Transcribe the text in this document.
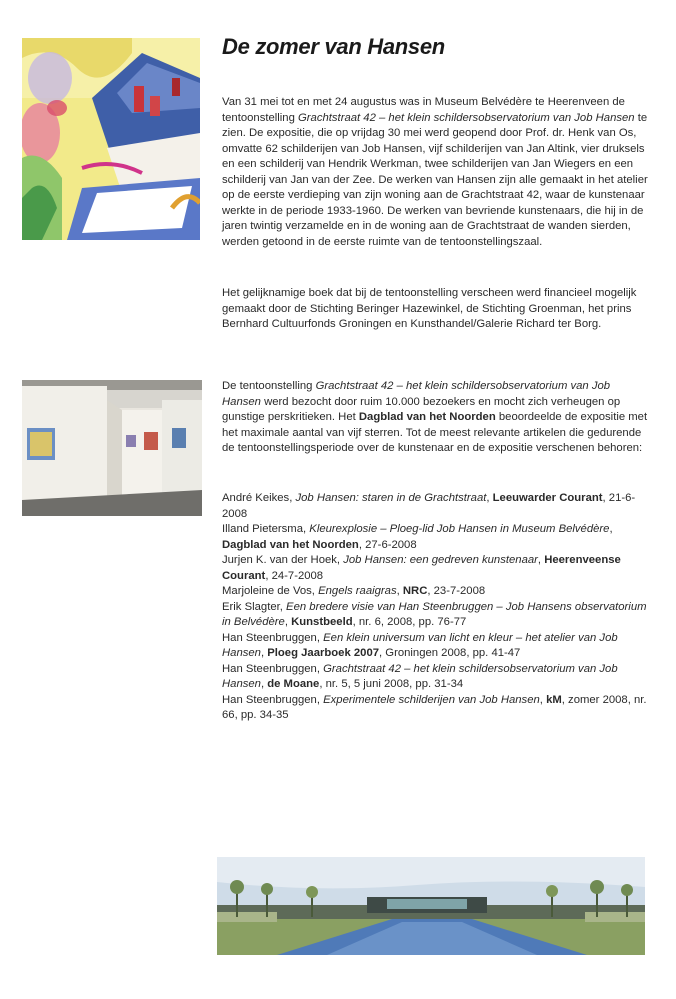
De zomer van Hansen

Van 31 mei tot en met 24 augustus was in Museum Belvédère te Heerenveen de tentoonstelling Grachtstraat 42 – het klein schildersobservatorium van Job Hansen te zien. De expositie, die op vrijdag 30 mei werd geopend door Prof. dr. Henk van Os, omvatte 62 schilderijen van Job Hansen, vijf schilderijen van Jan Altink, vier druksels en een schilderij van Hendrik Werkman, twee schilderijen van Jan Wiegers en een schilderij van Jan van der Zee. De werken van Hansen zijn alle gemaakt in het atelier op de eerste verdieping van zijn woning aan de Grachtstraat 42, waar de kunstenaar werkte in de periode 1933-1960. De werken van bevriende kunstenaars, die hij in de jaren twintig verzamelde en in de woning aan de Grachtstraat de wanden sierden, werden getoond in de eerste ruimte van de tentoonstellingszaal.

Het gelijknamige boek dat bij de tentoonstelling verscheen werd financieel mogelijk gemaakt door de Stichting Beringer Hazewinkel, de Stichting Groenman, het prins Bernhard Cultuurfonds Groningen en Kunsthandel/Galerie Richard ter Borg.

De tentoonstelling Grachtstraat 42 – het klein schildersobservatorium van Job Hansen werd bezocht door ruim 10.000 bezoekers en mocht zich verheugen op gunstige perskritieken. Het Dagblad van het Noorden beoordeelde de expositie met het maximale aantal van vijf sterren. Tot de meest relevante artikelen die gedurende de tentoonstellingsperiode over de kunstenaar en de expositie verschenen behoren:

André Keikes, Job Hansen: staren in de Grachtstraat, Leeuwarder Courant, 21-6-2008
Illand Pietersma, Kleurexplosie – Ploeg-lid Job Hansen in Museum Belvédère, Dagblad van het Noorden, 27-6-2008
Jurjen K. van der Hoek, Job Hansen: een gedreven kunstenaar, Heerenveense Courant, 24-7-2008
Marjoleine de Vos, Engels raaigras, NRC, 23-7-2008
Erik Slagter, Een bredere visie van Han Steenbruggen – Job Hansens observatorium in Belvédère, Kunstbeeld, nr. 6, 2008, pp. 76-77
Han Steenbruggen, Een klein universum van licht en kleur – het atelier van Job Hansen, Ploeg Jaarboek 2007, Groningen 2008, pp. 41-47
Han Steenbruggen, Grachtstraat 42 – het klein schildersobservatorium van Job Hansen, de Moane, nr. 5, 5 juni 2008, pp. 31-34
Han Steenbruggen, Experimentele schilderijen van Job Hansen, kM, zomer 2008, nr. 66, pp. 34-35
